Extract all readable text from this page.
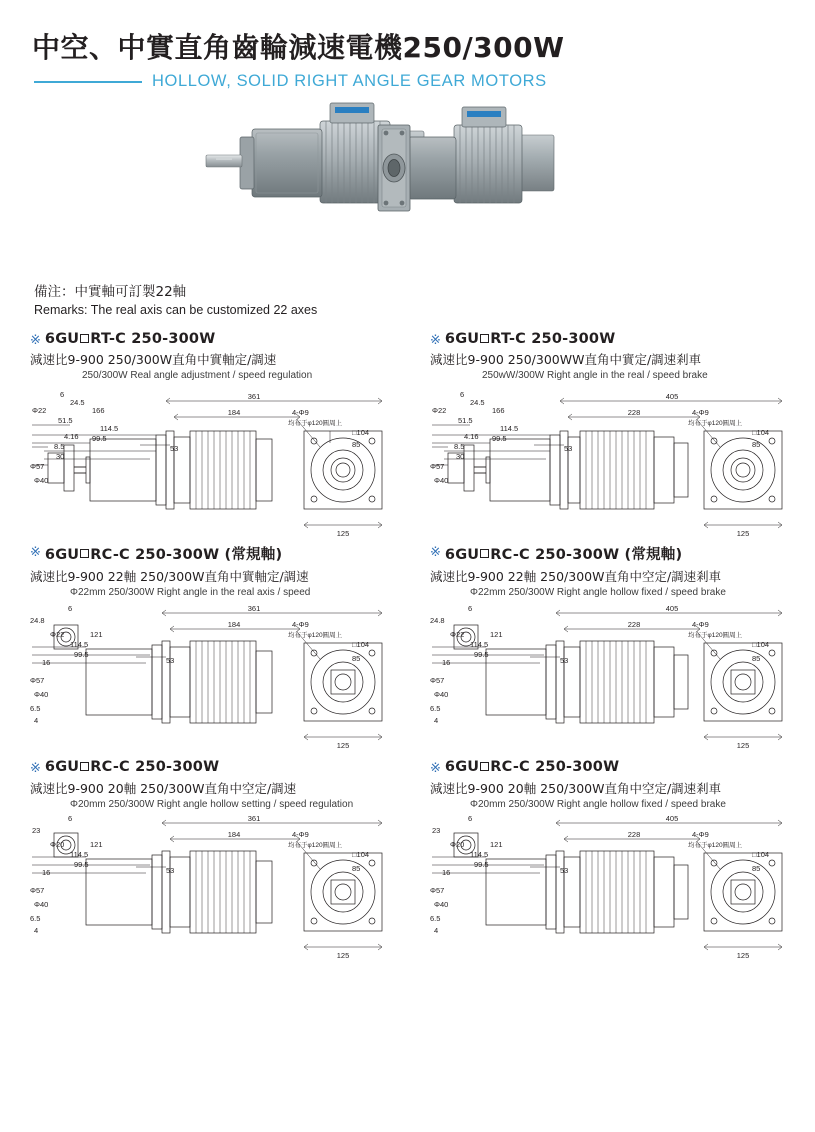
中空、中實直角齒輪減速電機250/300W
HOLLOW, SOLID RIGHT ANGLE GEAR MOTORS
備注：中實軸可訂製22軸
Remarks: The real axis can be customized 22 axes
※ 6GU RT-C 250-300W
減速比9-900 250/300W直角中實軸定/調速
250/300W Real angle adjustment / speed regulation
361
184
125
4-Φ9
均布于φ120圓周上
□104
85
6
24.5
Φ22	166
51.5
114.5
99.5
4.16
8.5
30
Φ57
Φ40
53
※ 6GU RT-C 250-300W
減速比9-900 250/300WW直角中實定/調速剎車
250wW/300W Right angle in the real / speed brake
405
228
125
4-Φ9
均布于φ120圓周上
□104
85
6
24.5
Φ22	166
51.5
114.5
99.5
4.16
8.5
30
Φ57
Φ40
53
※ 6GU RC-C 250-300W (常規軸)
減速比9-900 22軸 250/300W直角中實軸定/調速
Φ22mm 250/300W Right angle in the real axis / speed
361
184
125
4-Φ9
均布于φ120圓周上
□104
85
6
24.8
Φ22	121
114.5
99.5
16
Φ57
Φ40
6.5
4
53
※ 6GU RC-C 250-300W (常規軸)
減速比9-900 22軸 250/300W直角中空定/調速剎車
Φ22mm 250/300W Right angle hollow fixed / speed brake
405
228
125
4-Φ9
均布于φ120圓周上
□104
85
6
24.8
Φ22	121
114.5
99.5
16
Φ57
Φ40
6.5
4
53
※ 6GU RC-C 250-300W
減速比9-900 20軸 250/300W直角中空定/調速
Φ20mm 250/300W Right angle hollow setting / speed regulation
361
184
125
4-Φ9
均布于φ120圓周上
□104
85
6
23
Φ20	121
114.5
99.5
16
Φ57
Φ40
6.5
4
53
※ 6GU RC-C 250-300W
減速比9-900 20軸 250/300W直角中空定/調速剎車
Φ20mm 250/300W Right angle hollow fixed / speed brake
405
228
125
4-Φ9
均布于φ120圓周上
□104
85
6
23
Φ20	121
114.5
99.5
16
Φ57
Φ40
6.5
4
53
